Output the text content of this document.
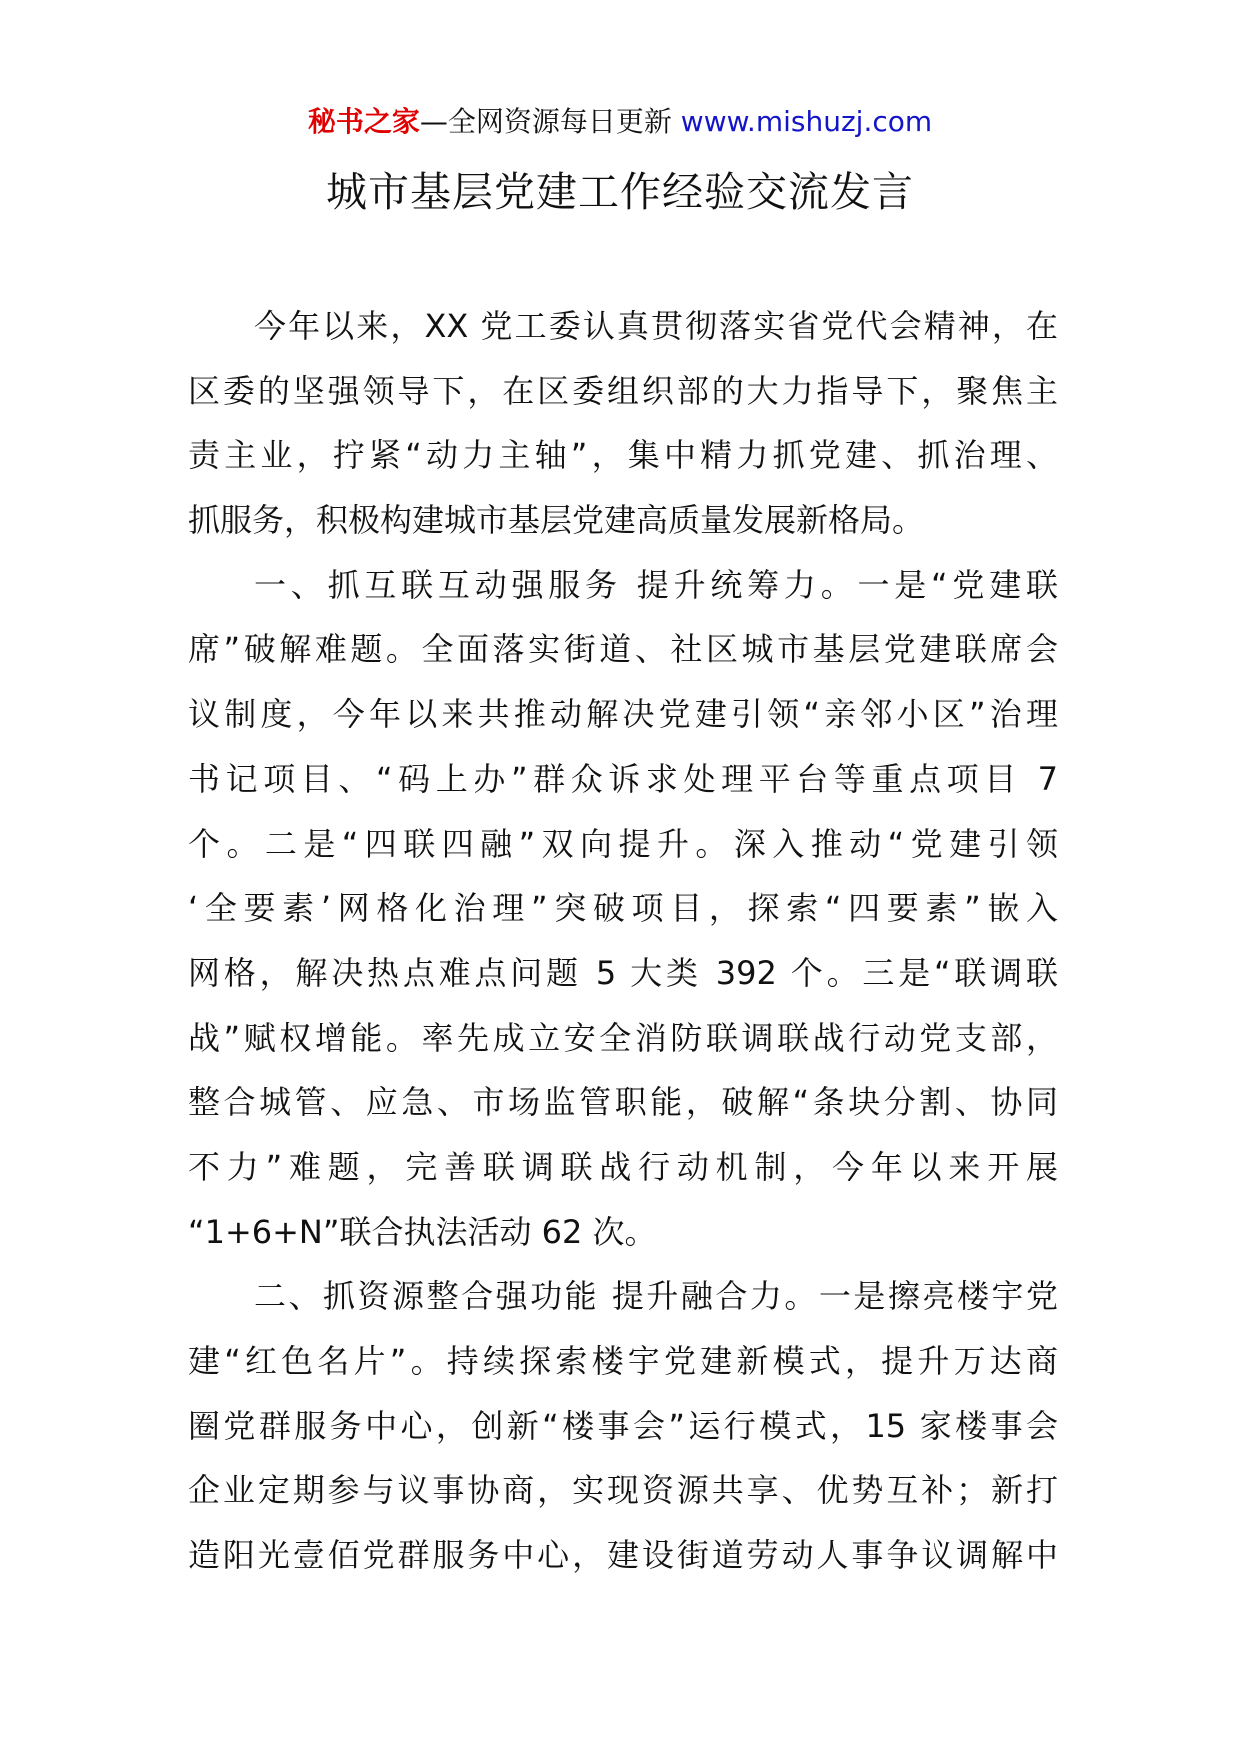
秘书之家—全网资源每日更新 www.mishuzj.com
城市基层党建工作经验交流发言
今年以来，XX 党工委认真贯彻落实省党代会精神，在
区委的坚强领导下，在区委组织部的大力指导下，聚焦主
责主业，拧紧“动力主轴”，集中精力抓党建、抓治理、
抓服务，积极构建城市基层党建高质量发展新格局。
一、抓互联互动强服务 提升统筹力。一是“党建联
席”破解难题。全面落实街道、社区城市基层党建联席会
议制度，今年以来共推动解决党建引领“亲邻小区”治理
书记项目、“码上办”群众诉求处理平台等重点项目 7
个。二是“四联四融”双向提升。深入推动“党建引领
‘全要素’网格化治理”突破项目，探索“四要素”嵌入
网格，解决热点难点问题 5 大类 392 个。三是“联调联
战”赋权增能。率先成立安全消防联调联战行动党支部，
整合城管、应急、市场监管职能，破解“条块分割、协同
不力”难题，完善联调联战行动机制，今年以来开展
“1+6+N”联合执法活动 62 次。
二、抓资源整合强功能 提升融合力。一是擦亮楼宇党
建“红色名片”。持续探索楼宇党建新模式，提升万达商
圈党群服务中心，创新“楼事会”运行模式，15 家楼事会
企业定期参与议事协商，实现资源共享、优势互补；新打
造阳光壹佰党群服务中心，建设街道劳动人事争议调解中
